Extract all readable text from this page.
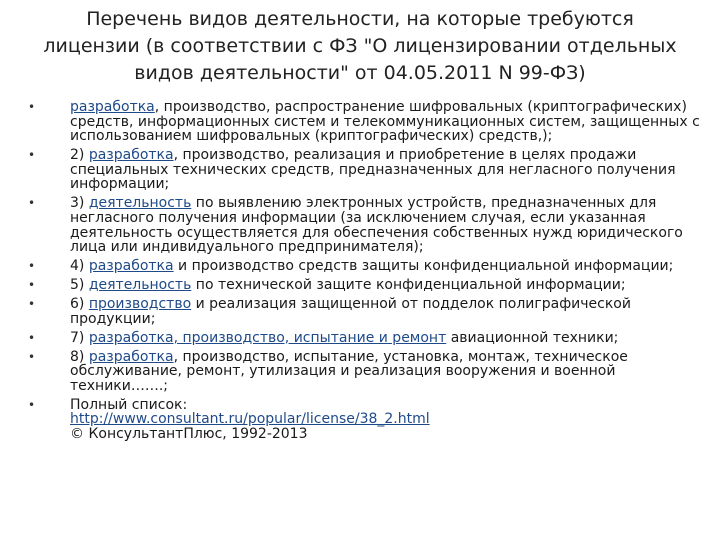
Перечень видов деятельности, на которые требуются лицензии (в соответствии с ФЗ "О лицензировании отдельных видов деятельности" от 04.05.2011 N 99-ФЗ)
• разработка, производство, распространение шифровальных (криптографических) средств, информационных систем и телекоммуникационных систем, защищенных с использованием шифровальных (криптографических) средств,);
• 2) разработка, производство, реализация и приобретение в целях продажи специальных технических средств, предназначенных для негласного получения информации;
• 3) деятельность по выявлению электронных устройств, предназначенных для негласного получения информации (за исключением случая, если указанная деятельность осуществляется для обеспечения собственных нужд юридического лица или индивидуального предпринимателя);
• 4) разработка и производство средств защиты конфиденциальной информации;
• 5) деятельность по технической защите конфиденциальной информации;
• 6) производство и реализация защищенной от подделок полиграфической продукции;
• 7) разработка, производство, испытание и ремонт авиационной техники;
• 8) разработка, производство, испытание, установка, монтаж, техническое обслуживание, ремонт, утилизация и реализация вооружения и военной техники…….;
• Полный список:
http://www.consultant.ru/popular/license/38_2.html
© КонсультантПлюс, 1992-2013
